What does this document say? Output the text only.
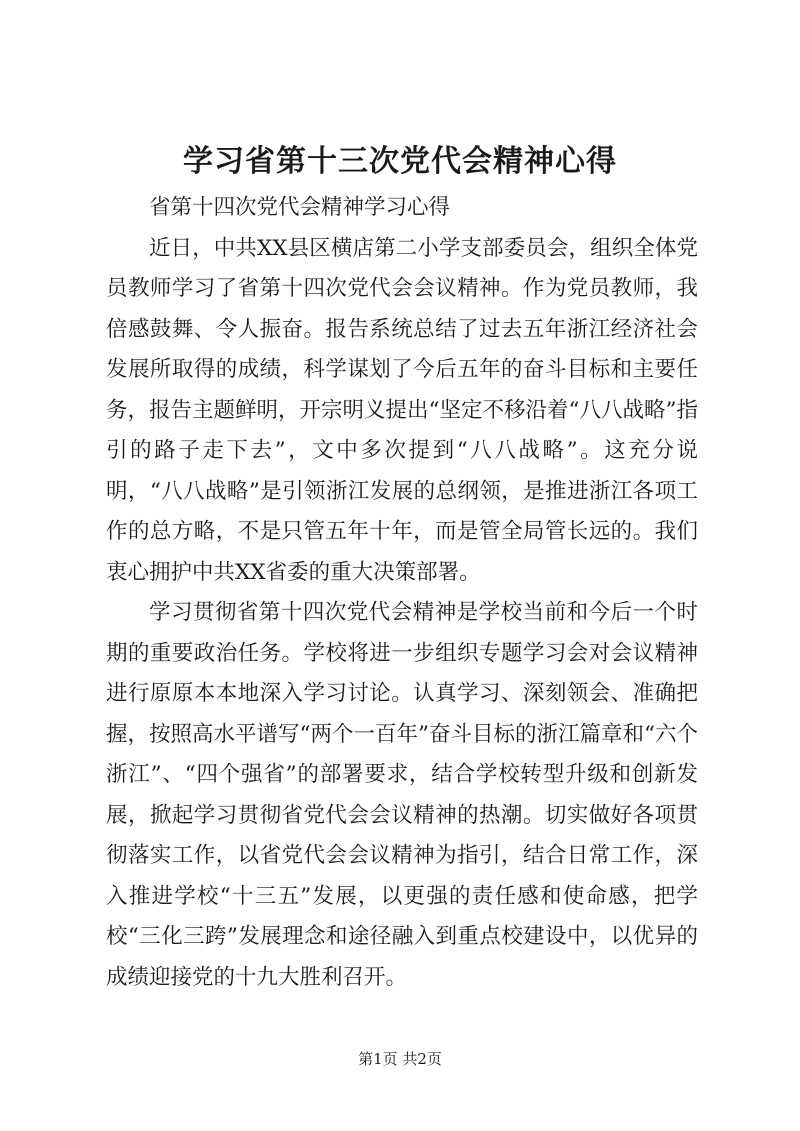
学习省第十三次党代会精神心得

省第十四次党代会精神学习心得

近日，中共XX县区横店第二小学支部委员会，组织全体党员教师学习了省第十四次党代会会议精神。作为党员教师，我倍感鼓舞、令人振奋。报告系统总结了过去五年浙江经济社会发展所取得的成绩，科学谋划了今后五年的奋斗目标和主要任务，报告主题鲜明，开宗明义提出“坚定不移沿着“八八战略”指引的路子走下去”，文中多次提到“八八战略”。这充分说明，“八八战略”是引领浙江发展的总纲领，是推进浙江各项工作的总方略，不是只管五年十年，而是管全局管长远的。我们衷心拥护中共XX省委的重大决策部署。

学习贯彻省第十四次党代会精神是学校当前和今后一个时期的重要政治任务。学校将进一步组织专题学习会对会议精神进行原原本本地深入学习讨论。认真学习、深刻领会、准确把握，按照高水平谱写“两个一百年”奋斗目标的浙江篇章和“六个浙江”、“四个强省”的部署要求，结合学校转型升级和创新发展，掀起学习贯彻省党代会会议精神的热潮。切实做好各项贯彻落实工作，以省党代会会议精神为指引，结合日常工作，深入推进学校“十三五”发展，以更强的责任感和使命感，把学校“三化三跨”发展理念和途径融入到重点校建设中，以优异的成绩迎接党的十九大胜利召开。

第1页 共2页
